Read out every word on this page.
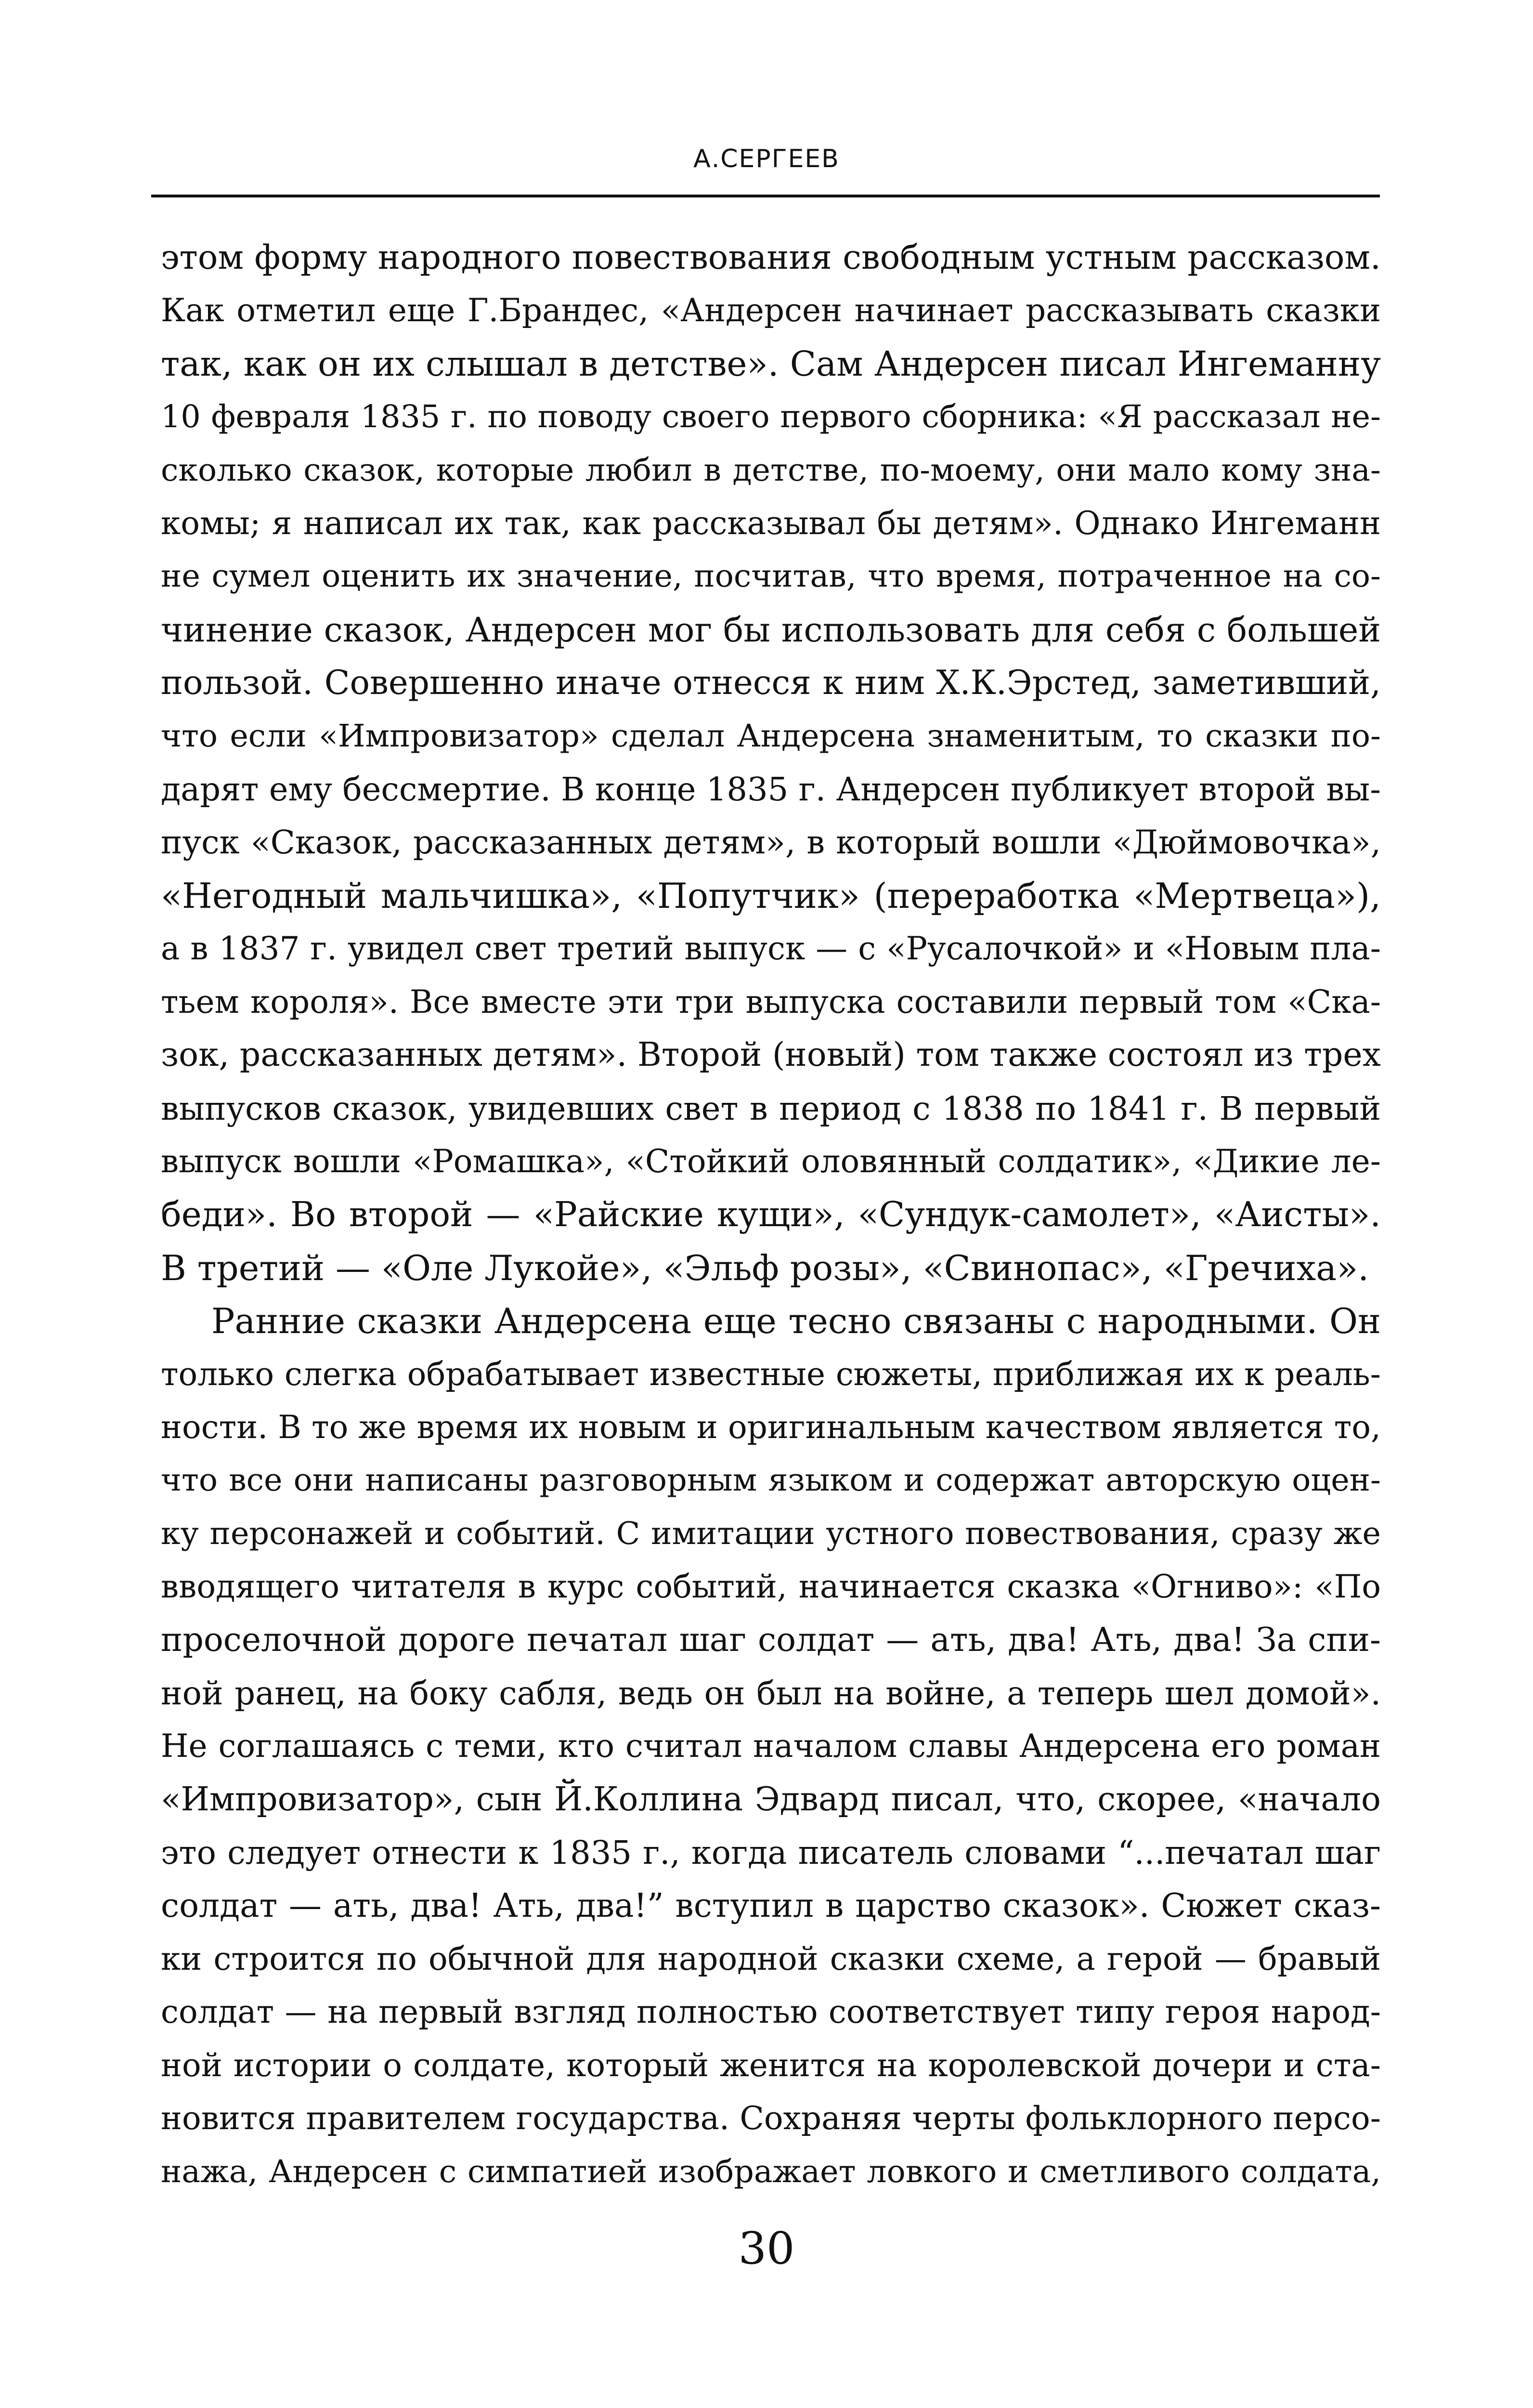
А.СЕРГЕЕВ

этом форму народного повествования свободным устным рассказом.

Как отметил еще Г.Брандес, «Андерсен начинает рассказывать сказки

так, как он их слышал в детстве». Сам Андерсен писал Ингеманну

10 февраля 1835 г. по поводу своего первого сборника: «Я рассказал не-

сколько сказок, которые любил в детстве, по-моему, они мало кому зна-

комы; я написал их так, как рассказывал бы детям». Однако Ингеманн

не сумел оценить их значение, посчитав, что время, потраченное на со-

чинение сказок, Андерсен мог бы использовать для себя с большей

пользой. Совершенно иначе отнесся к ним Х.К.Эрстед, заметивший,

что если «Импровизатор» сделал Андерсена знаменитым, то сказки по-

дарят ему бессмертие. В конце 1835 г. Андерсен публикует второй вы-

пуск «Сказок, рассказанных детям», в который вошли «Дюймовочка»,

«Негодный мальчишка», «Попутчик» (переработка «Мертвеца»),

а в 1837 г. увидел свет третий выпуск — с «Русалочкой» и «Новым пла-

тьем короля». Все вместе эти три выпуска составили первый том «Ска-

зок, рассказанных детям». Второй (новый) том также состоял из трех

выпусков сказок, увидевших свет в период с 1838 по 1841 г. В первый

выпуск вошли «Ромашка», «Стойкий оловянный солдатик», «Дикие ле-

беди». Во второй — «Райские кущи», «Сундук-самолет», «Аисты».

В третий — «Оле Лукойе», «Эльф розы», «Свинопас», «Гречиха».

Ранние сказки Андерсена еще тесно связаны с народными. Он

только слегка обрабатывает известные сюжеты, приближая их к реаль-

ности. В то же время их новым и оригинальным качеством является то,

что все они написаны разговорным языком и содержат авторскую оцен-

ку персонажей и событий. С имитации устного повествования, сразу же

вводящего читателя в курс событий, начинается сказка «Огниво»: «По

проселочной дороге печатал шаг солдат — ать, два! Ать, два! За спи-

ной ранец, на боку сабля, ведь он был на войне, а теперь шел домой».

Не соглашаясь с теми, кто считал началом славы Андерсена его роман

«Импровизатор», сын Й.Коллина Эдвард писал, что, скорее, «начало

это следует отнести к 1835 г., когда писатель словами “...печатал шаг

солдат — ать, два! Ать, два!” вступил в царство сказок». Сюжет сказ-

ки строится по обычной для народной сказки схеме, а герой — бравый

солдат — на первый взгляд полностью соответствует типу героя народ-

ной истории о солдате, который женится на королевской дочери и ста-

новится правителем государства. Сохраняя черты фольклорного персо-

нажа, Андерсен с симпатией изображает ловкого и сметливого солдата,

30
